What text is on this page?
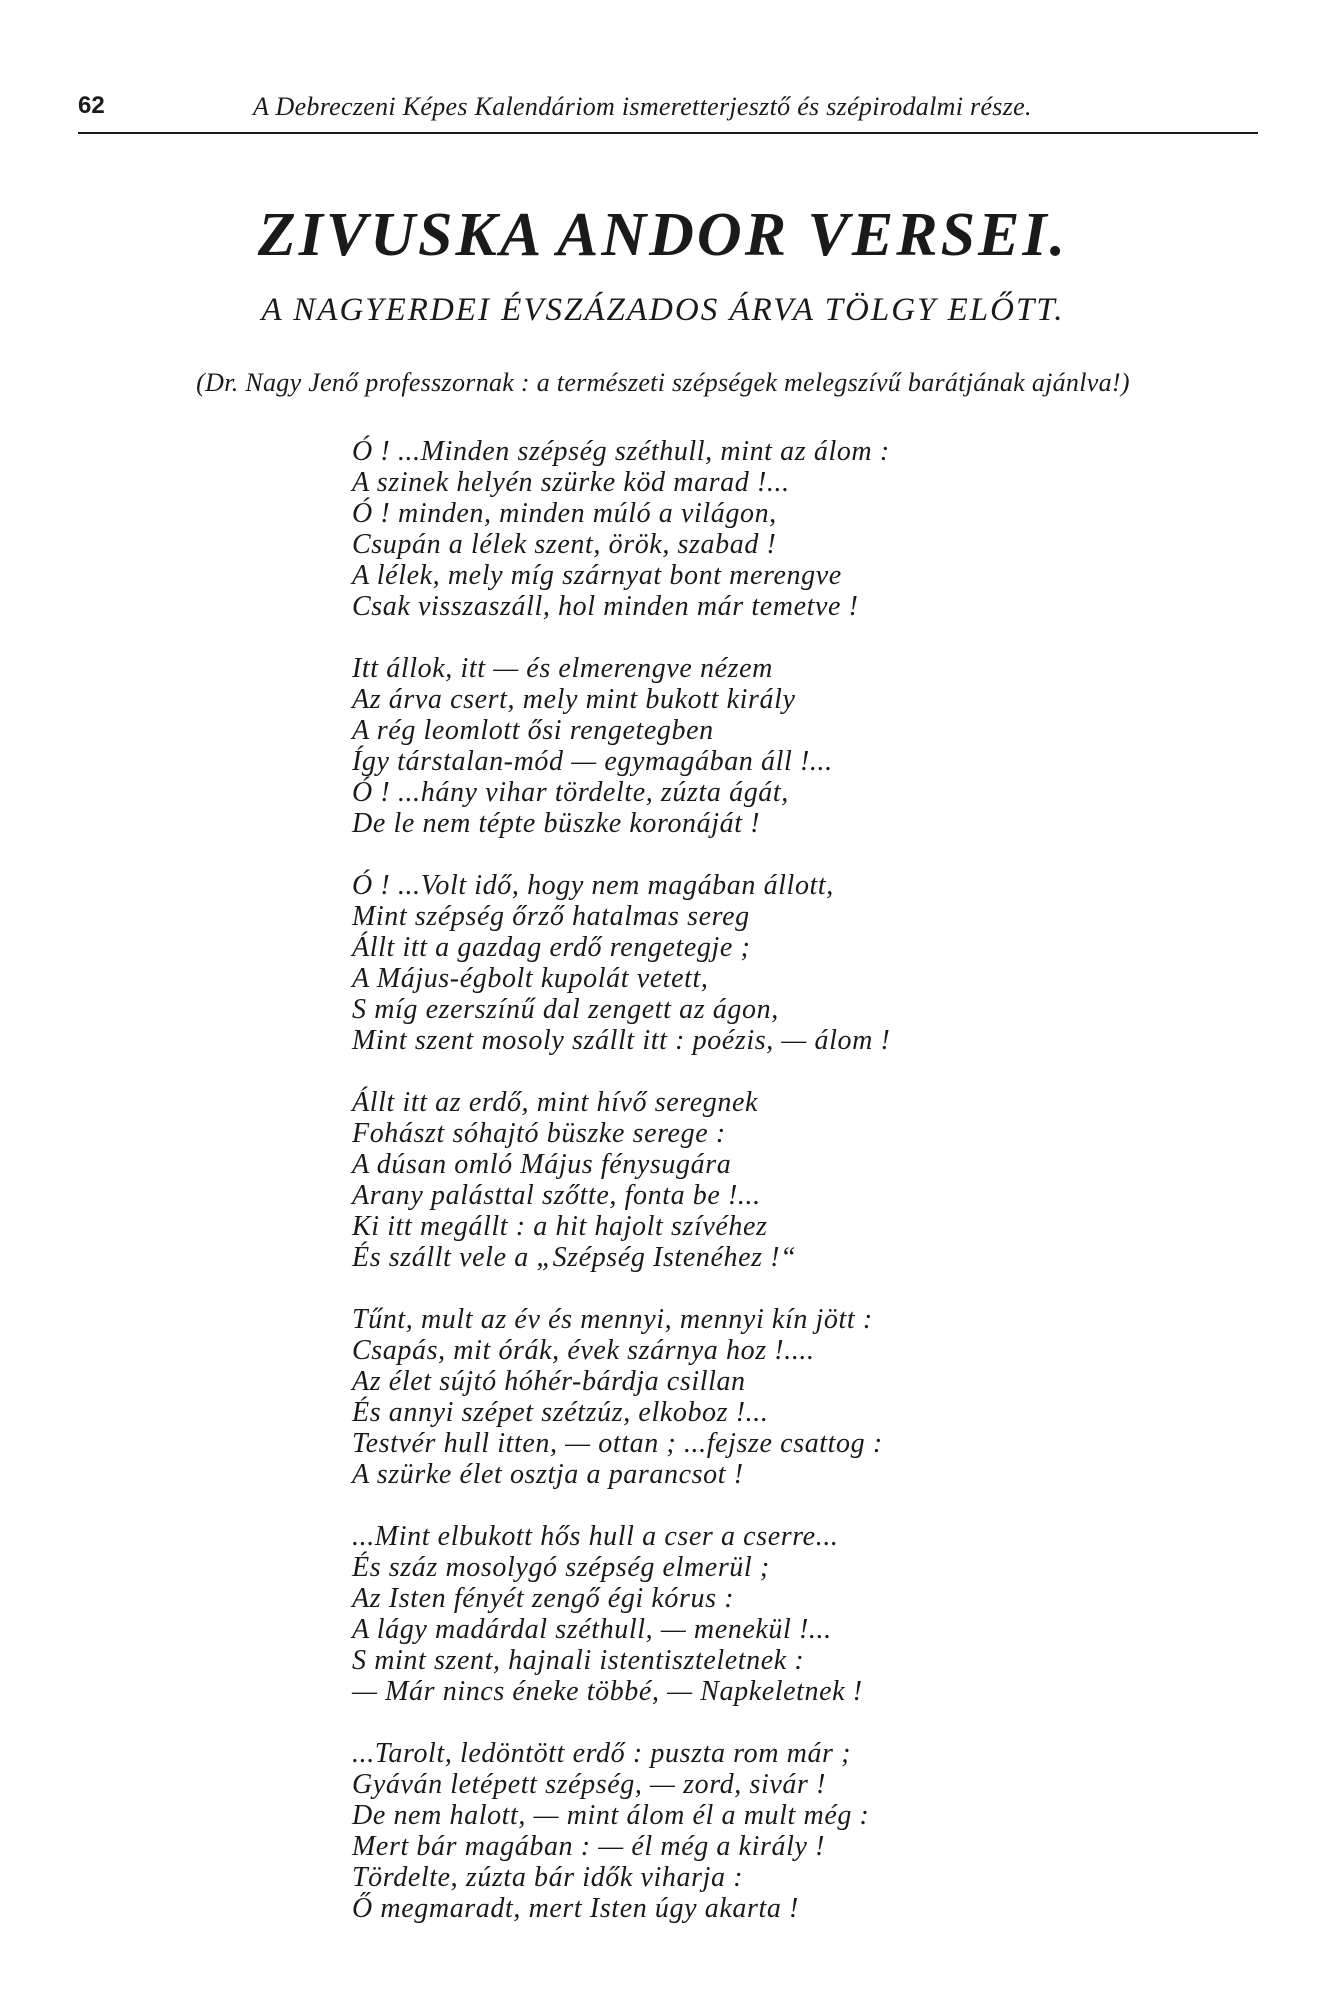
62	A Debreczeni Képes Kalendáriom ismeretterjesztő és szépirodalmi része.
ZIVUSKA ANDOR VERSEI.
A NAGYERDEI ÉVSZÁZADOS ÁRVA TÖLGY ELŐTT.
(Dr. Nagy Jenő professzornak : a természeti szépségek melegszívű barátjának ajánlva!)
Ó ! ...Minden szépség széthull, mint az álom :
A szinek helyén szürke köd marad !...
Ó ! minden, minden múló a világon,
Csupán a lélek szent, örök, szabad !
A lélek, mely míg szárnyat bont merengve
Csak visszaszáll, hol minden már temetve !
Itt állok, itt — és elmerengve nézem
Az árva csert, mely mint bukott király
A rég leomlott ősi rengetegben
Így társtalan-mód — egymagában áll !...
Ó ! ...hány vihar tördelte, zúzta ágát,
De le nem tépte büszke koronáját !
Ó ! ...Volt idő, hogy nem magában állott,
Mint szépség őrző hatalmas sereg
Állt itt a gazdag erdő rengetegje ;
A Május-égbolt kupolát vetett,
S míg ezerszínű dal zengett az ágon,
Mint szent mosoly szállt itt : poézis, — álom !
Állt itt az erdő, mint hívő seregnek
Fohászt sóhajtó büszke serege :
A dúsan omló Május fénysugára
Arany palásttal szőtte, fonta be !...
Ki itt megállt : a hit hajolt szívéhez
És szállt vele a „Szépség Istenéhez !“
Tűnt, mult az év és mennyi, mennyi kín jött :
Csapás, mit órák, évek szárnya hoz !....
Az élet sújtó hóhér-bárdja csillan
És annyi szépet szétzúz, elkoboz !...
Testvér hull itten, — ottan ; ...fejsze csattog :
A szürke élet osztja a parancsot !
...Mint elbukott hős hull a cser a cserre...
És száz mosolygó szépség elmerül ;
Az Isten fényét zengő égi kórus :
A lágy madárdal széthull, — menekül !...
S mint szent, hajnali istentiszteletnek :
— Már nincs éneke többé, — Napkeletnek !
...Tarolt, ledöntött erdő : puszta rom már ;
Gyáván letépett szépség, — zord, sivár !
De nem halott, — mint álom él a mult még :
Mert bár magában : — él még a király !
Tördelte, zúzta bár idők viharja :
Ő megmaradt, mert Isten úgy akarta !
